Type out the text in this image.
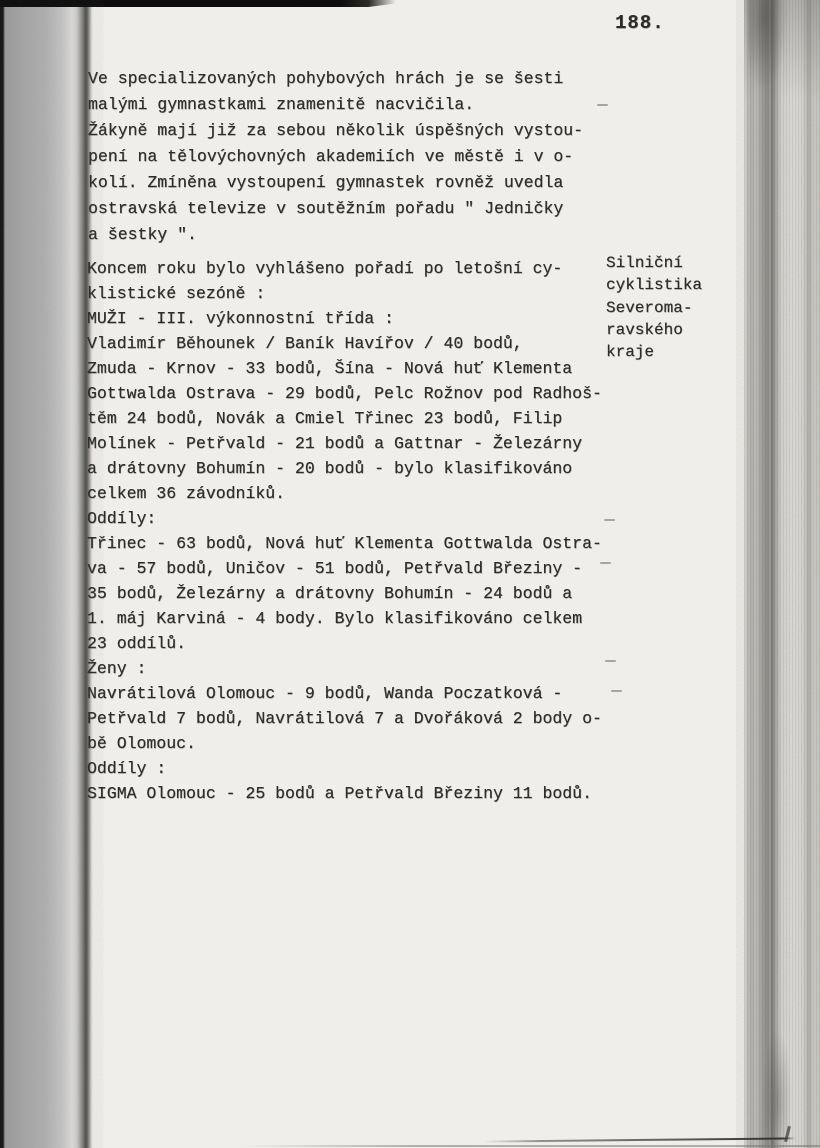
188.
Ve specializovaných pohybových hrách je se šesti
malými gymnastkami znamenitě nacvičila.
Žákyně mají již za sebou několik úspěšných vystou-
pení na tělovýchovných akademiích ve městě i v o-
kolí. Zmíněna vystoupení gymnastek rovněž uvedla
ostravská televize v soutěžním pořadu " Jedničky
a šestky ".
Koncem roku bylo vyhlášeno pořadí po letošní cy-
klistické sezóně :
MUŽI - III. výkonnostní třída :
Vladimír Běhounek / Baník Havířov / 40 bodů,
Zmuda - Krnov - 33 bodů, Šína - Nová huť Klementa
Gottwalda Ostrava - 29 bodů, Pelc Rožnov pod Radhoš-
těm 24 bodů, Novák a Cmiel Třinec 23 bodů, Filip
Molínek - Petřvald - 21 bodů a Gattnar - Železárny
a drátovny Bohumín - 20 bodů - bylo klasifikováno
celkem 36 závodníků.
Oddíly:
Třinec - 63 bodů, Nová huť Klementa Gottwalda Ostra-
va - 57 bodů, Uničov - 51 bodů, Petřvald Březiny -
35 bodů, Železárny a drátovny Bohumín - 24 bodů a
1. máj Karviná - 4 body. Bylo klasifikováno celkem
23 oddílů.
Ženy :
Navrátilová Olomouc - 9 bodů, Wanda Poczatková -
Petřvald 7 bodů, Navrátilová 7 a Dvořáková 2 body o-
bě Olomouc.
Oddíly :
SIGMA Olomouc - 25 bodů a Petřvald Březiny 11 bodů.
Silniční
cyklistika
Severoma-
ravského
kraje
